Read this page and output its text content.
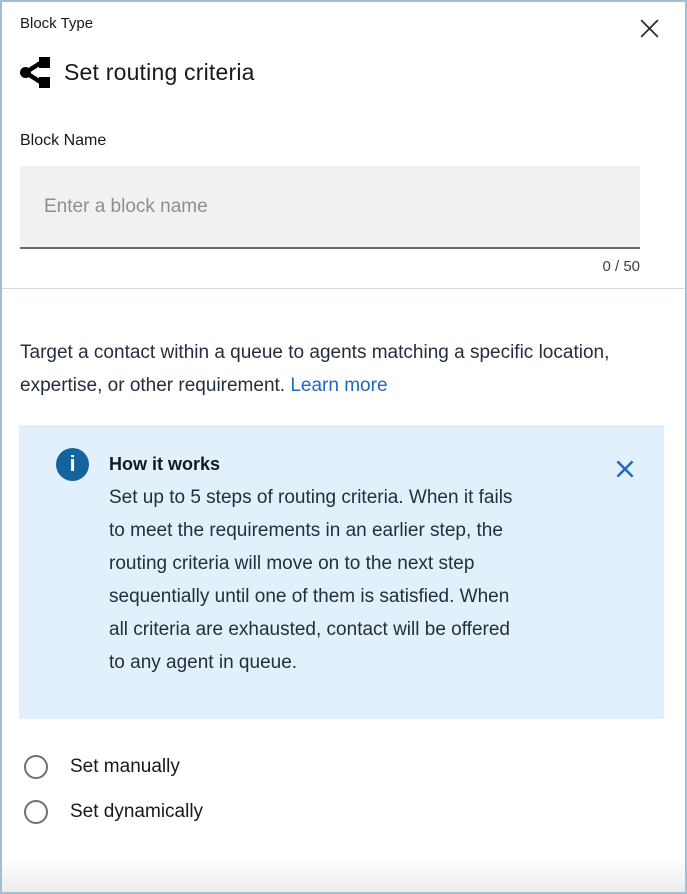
Block Type
Set routing criteria
Block Name
Enter a block name
0 / 50

Target a contact within a queue to agents matching a specific location, expertise, or other requirement. Learn more

i	How it works
Set up to 5 steps of routing criteria. When it fails to meet the requirements in an earlier step, the routing criteria will move on to the next step sequentially until one of them is satisfied. When all criteria are exhausted, contact will be offered to any agent in queue.
Set manually
Set dynamically
